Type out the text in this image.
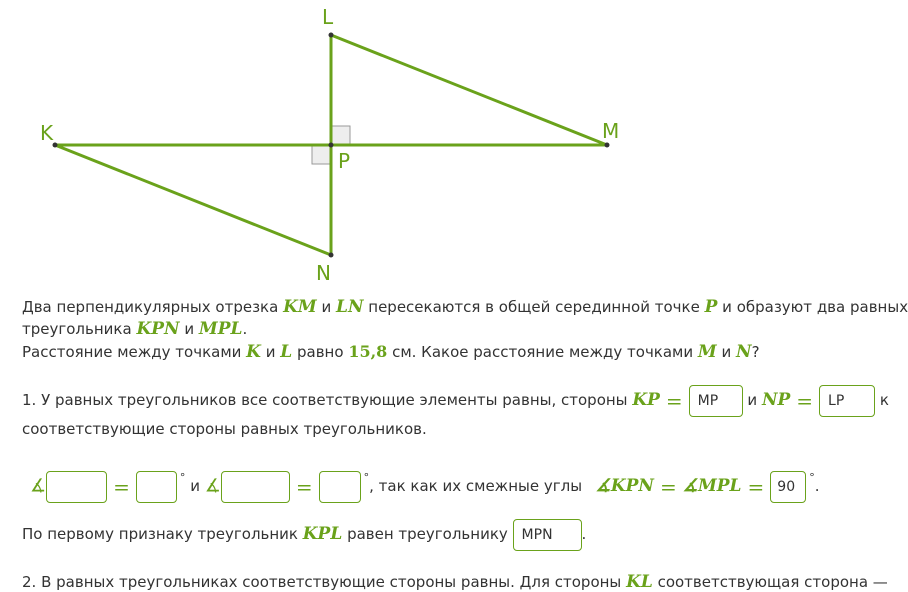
L
M
K
P
N
Два перпендикулярных отрезка KM и LN пересекаются в общей серединной точке P и образуют два равных
треугольника KPN и MPL.
Расстояние между точками K и L равно 15,8 см. Какое расстояние между точками M и N?
1. У равных треугольников все соответствующие элементы равны, стороны KP = MP и NP = LP к
соответствующие стороны равных треугольников.
∡	=	° и ∡	=	°, так как их смежные углы ∡KPN = ∡MPL = 90°.
По первому признаку треугольник KPL равен треугольнику MPN .
2. В равных треугольниках соответствующие стороны равны. Для стороны KL соответствующая сторона —
